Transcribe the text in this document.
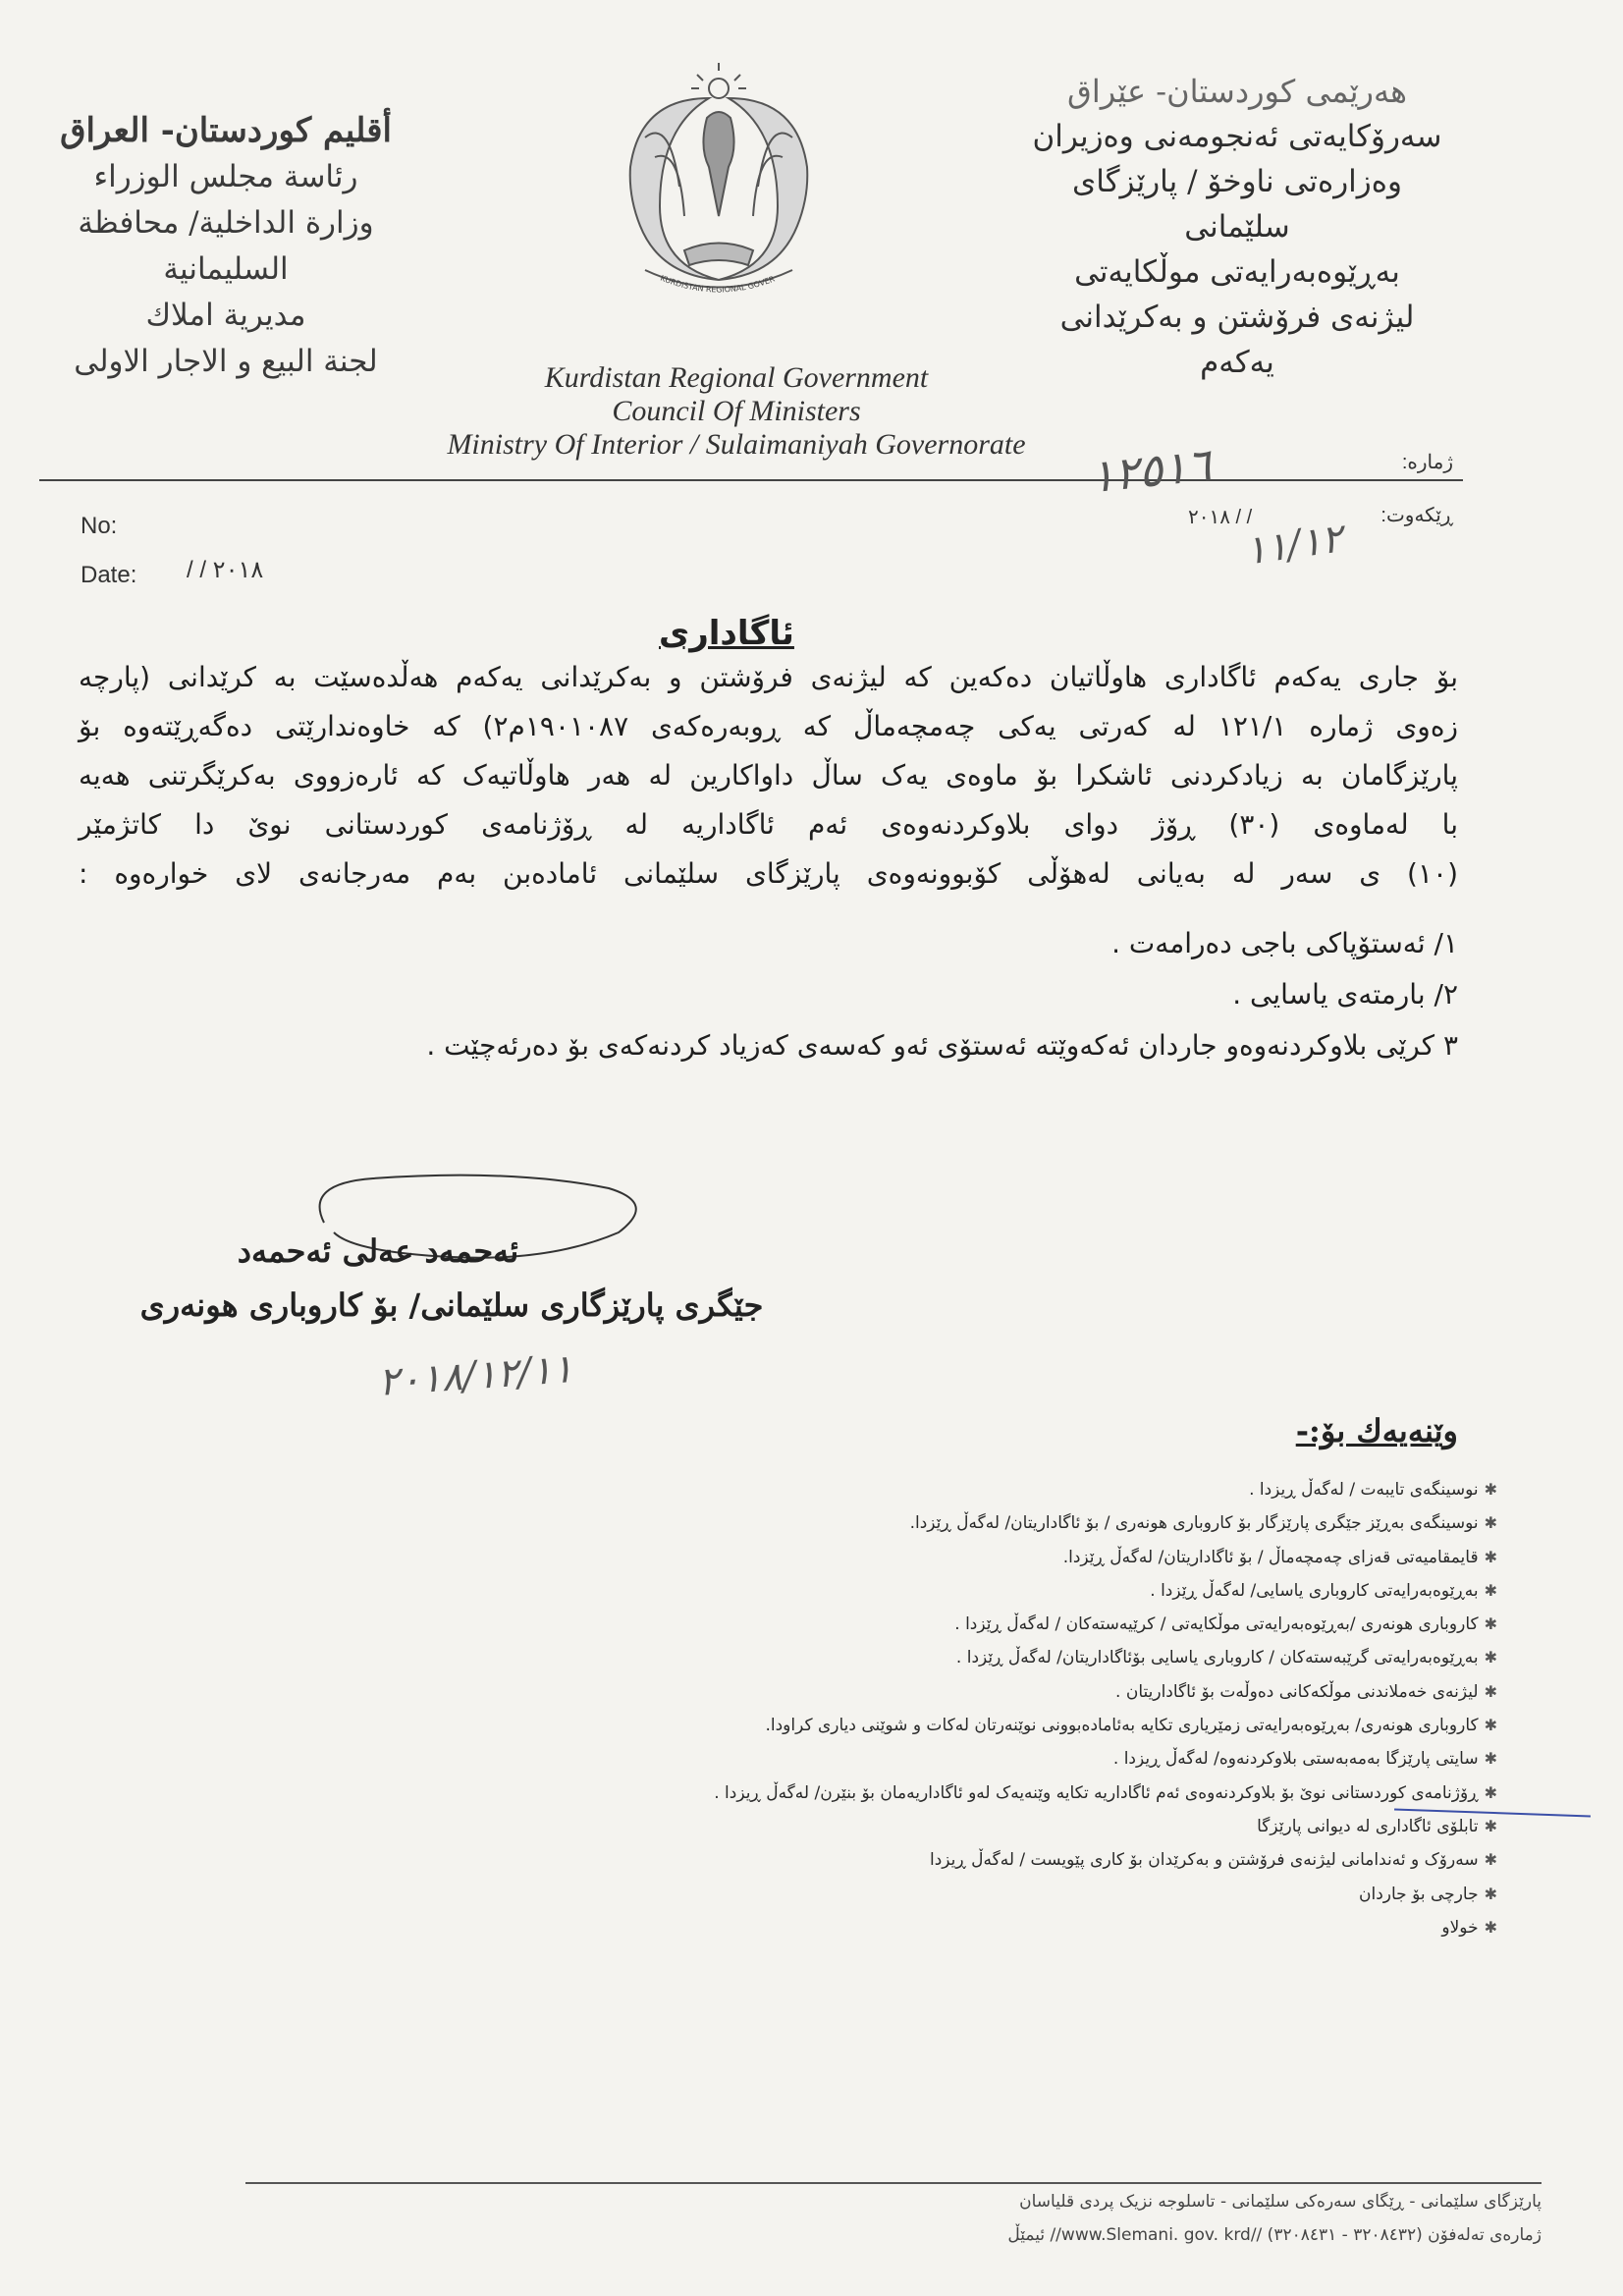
أقليم كوردستان- العراق
رئاسة مجلس الوزراء
وزارة الداخلية/ محافظة السليمانية
مديرية املاك
لجنة البيع و الاجار الاولى
KURDISTAN REGIONAL GOVER
هەرێمی کوردستان- عێراق
سەرۆکایەتی ئەنجومەنی وەزیران
وەزارەتی ناوخۆ / پارێزگای سلێمانی
بەڕێوەبەرایەتی موڵکایەتی
لیژنەی فرۆشتن و بەکرێدانی یەکەم
Kurdistan Regional Government
Council Of Ministers
Ministry Of Interior / Sulaimaniyah Governorate
No:
Date: / / ٢٠١٨
ژمارە:
ڕێکەوت:
٢٠١٨ / /
١٢٥١٦
١١/١٢
ئاگاداری
بۆ جاری یەکەم ئاگاداری هاوڵاتیان دەکەین کە لیژنەی فرۆشتن و بەکرێدانی یەکەم هەڵدەسێت بە کرێدانی (پارچە
زەوی ژمارە ١٢١/١ لە کەرتی یەکی چەمچەماڵ کە ڕوبەرەکەی ١٩٠١٠٨٧م٢) کە خاوەندارێتی دەگەڕێتەوە بۆ
پارێزگامان بە زیادکردنی ئاشکرا بۆ ماوەی یەک ساڵ داواکارین لە هەر هاوڵاتیەک کە ئارەزووی بەکرێگرتنی هەیە
با لەماوەی (٣٠) ڕۆژ دوای بلاوکردنەوەی ئەم ئاگاداریە لە ڕۆژنامەی کوردستانی نوێ دا کاتژمێر
(١٠) ی سەر لە بەیانی لەهۆڵی کۆبوونەوەی پارێزگای سلێمانی ئامادەبن بەم مەرجانەی لای خوارەوە :
١/ ئەستۆپاکی باجی دەرامەت .
٢/ بارمتەی یاسایی .
٣ کرێی بلاوکردنەوەو جاردان ئەکەوێتە ئەستۆی ئەو کەسەی کەزیاد کردنەکەی بۆ دەرئەچێت .
ئەحمەد عەلی ئەحمەد
جێگری پارێزگاری سلێمانی/ بۆ کاروباری هونەری
٢٠١٨/١٢/١١
وێنەیەك بۆ:-
✱نوسینگەی تایبەت / لەگەڵ ڕیزدا .
✱نوسینگەی بەڕێز جێگری پارێزگار بۆ کاروباری هونەری / بۆ ئاگاداریتان/ لەگەڵ ڕێزدا.
✱قایمقامیەتی قەزای چەمچەماڵ / بۆ ئاگاداریتان/ لەگەڵ ڕێزدا.
✱بەڕێوەبەرایەتی کاروباری یاسایی/ لەگەڵ ڕێزدا .
✱کاروباری هونەری /بەڕێوەبەرایەتی موڵکایەتی / کرێیەستەکان / لەگەڵ ڕێزدا .
✱بەڕێوەبەرایەتی گرێبەستەکان / کاروباری یاسایی بۆئاگاداریتان/ لەگەڵ ڕێزدا .
✱لیژنەی خەملاندنی موڵکەکانی دەوڵەت بۆ ئاگاداریتان .
✱کاروباری هونەری/ بەڕێوەبەرایەتی زمێریاری تکایە بەئامادەبوونی نوێنەرتان لەکات و شوێنی دیاری کراودا.
✱سایتی پارێزگا بەمەبەستی بلاوکردنەوە/ لەگەڵ ڕیزدا .
✱ڕۆژنامەی کوردستانی نوێ بۆ بلاوکردنەوەی ئەم ئاگاداریە تکایە وێنەیەک لەو ئاگاداریەمان بۆ بنێرن/ لەگەڵ ڕیزدا .
✱تابلۆی ئاگاداری لە دیوانی پارێزگا
✱سەرۆک و ئەندامانی لیژنەی فرۆشتن و بەکرێدان بۆ کاری پێویست / لەگەڵ ڕیزدا
✱جارچی بۆ جاردان
✱خولاو
پارێزگای سلێمانی - ڕێگای سەرەکی سلێمانی - تاسلوجە نزیک پردی قلیاسان
ژمارەی تەلەفۆن (٣٢٠٨٤٣٢ - ٣٢٠٨٤٣١) //www.Slemani. gov. krd// ئیمێڵ
